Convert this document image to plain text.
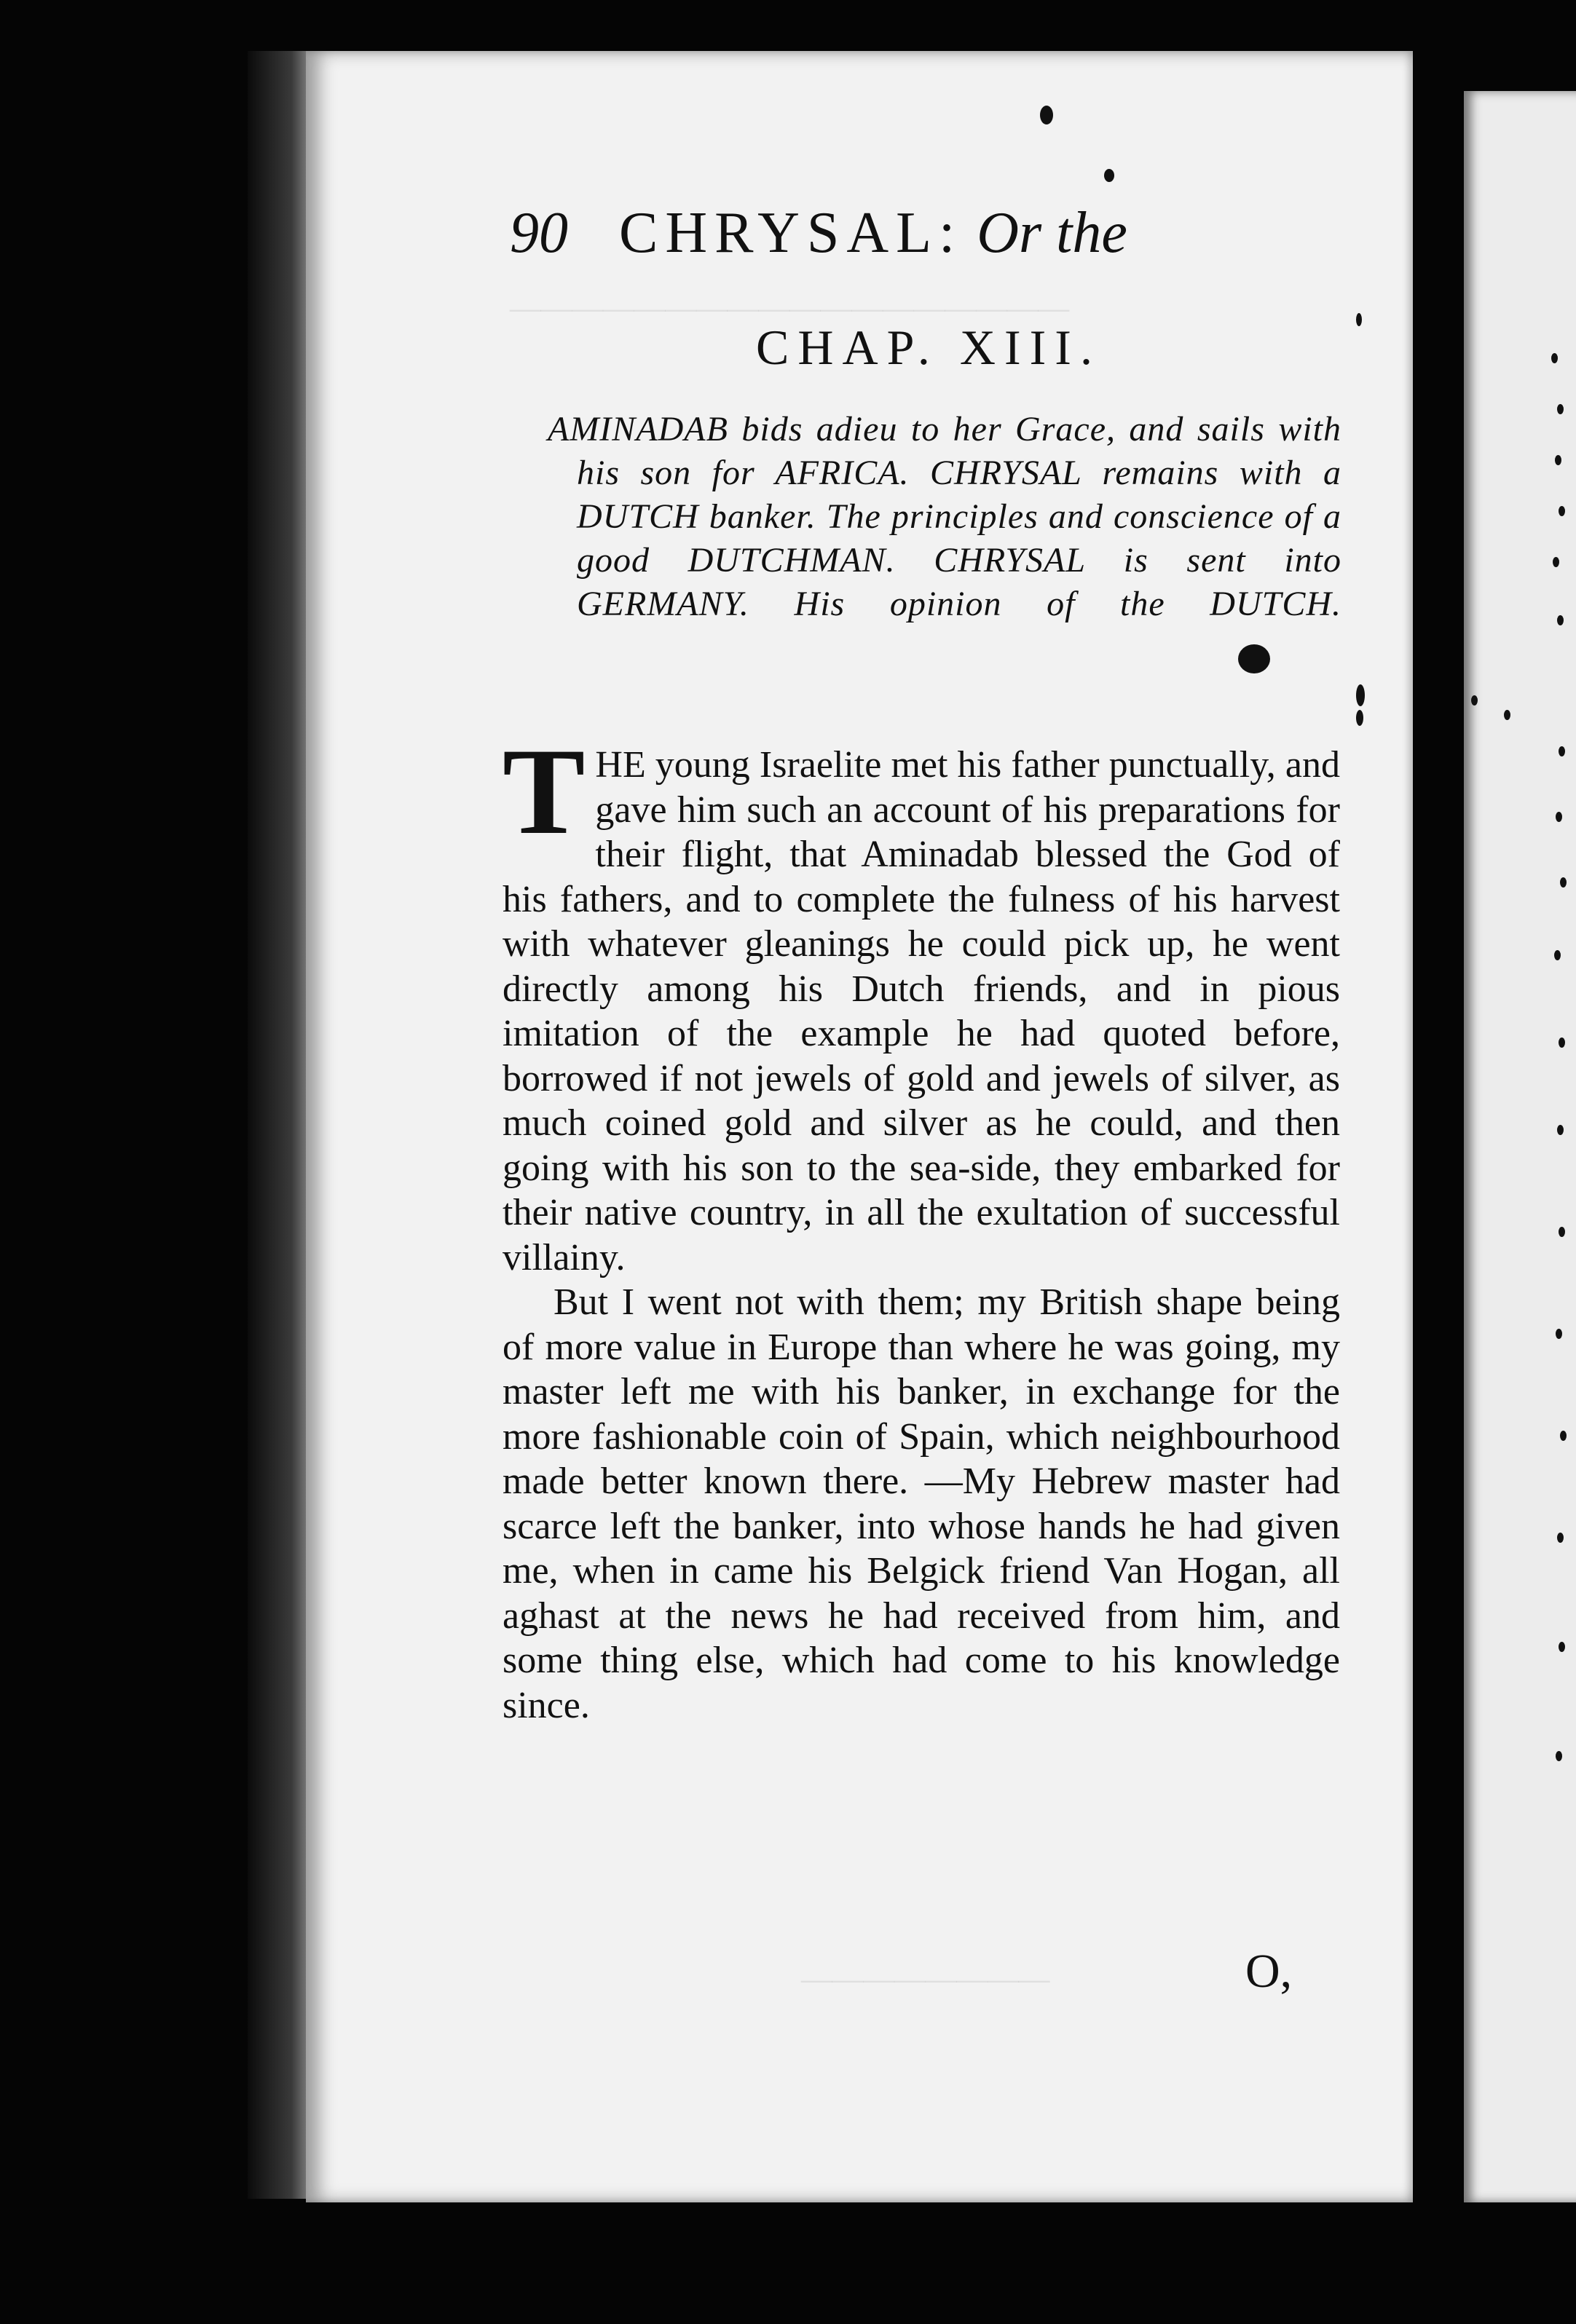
——————————————————
————————
90 CHRYSAL: Or the
CHAP. XIII.
AMINADAB bids adieu to her Grace, and sails with his son for AFRICA. CHRYSAL remains with a DUTCH banker. The principles and conscience of a good DUTCHMAN. CHRYSAL is sent into GERMANY. His opinion of the DUTCH.

THE young Israelite met his father punctually, and gave him such an account of his preparations for their flight, that Aminadab blessed the God of his fathers, and to complete the fulness of his harvest with whatever gleanings he could pick up, he went directly among his Dutch friends, and in pious imitation of the example he had quoted before, borrowed if not jewels of gold and jewels of silver, as much coined gold and silver as he could, and then going with his son to the sea-side, they embarked for their native country, in all the exultation of successful villainy.

But I went not with them; my British shape being of more value in Europe than where he was going, my master left me with his banker, in exchange for the more fashionable coin of Spain, which neighbourhood made better known there. —My Hebrew master had scarce left the banker, into whose hands he had given me, when in came his Belgick friend Van Hogan, all aghast at the news he had received from him, and some thing else, which had come to his knowledge since.

O,
